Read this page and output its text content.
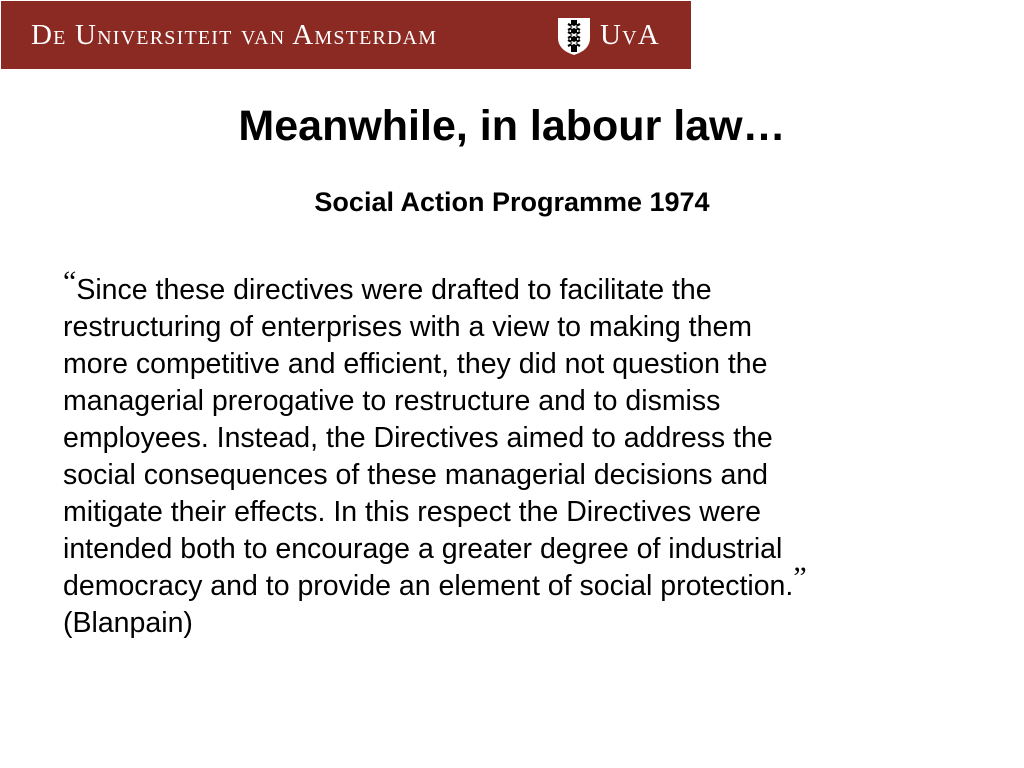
De Universiteit van Amsterdam	UvA
Meanwhile, in labour law…
Social Action Programme 1974
“Since these directives were drafted to facilitate the
restructuring of enterprises with a view to making them
more competitive and efficient, they did not question the
managerial prerogative to restructure and to dismiss
employees. Instead, the Directives aimed to address the
social consequences of these managerial decisions and
mitigate their effects. In this respect the Directives were
intended both to encourage a greater degree of industrial
democracy and to provide an element of social protection.”
(Blanpain)
